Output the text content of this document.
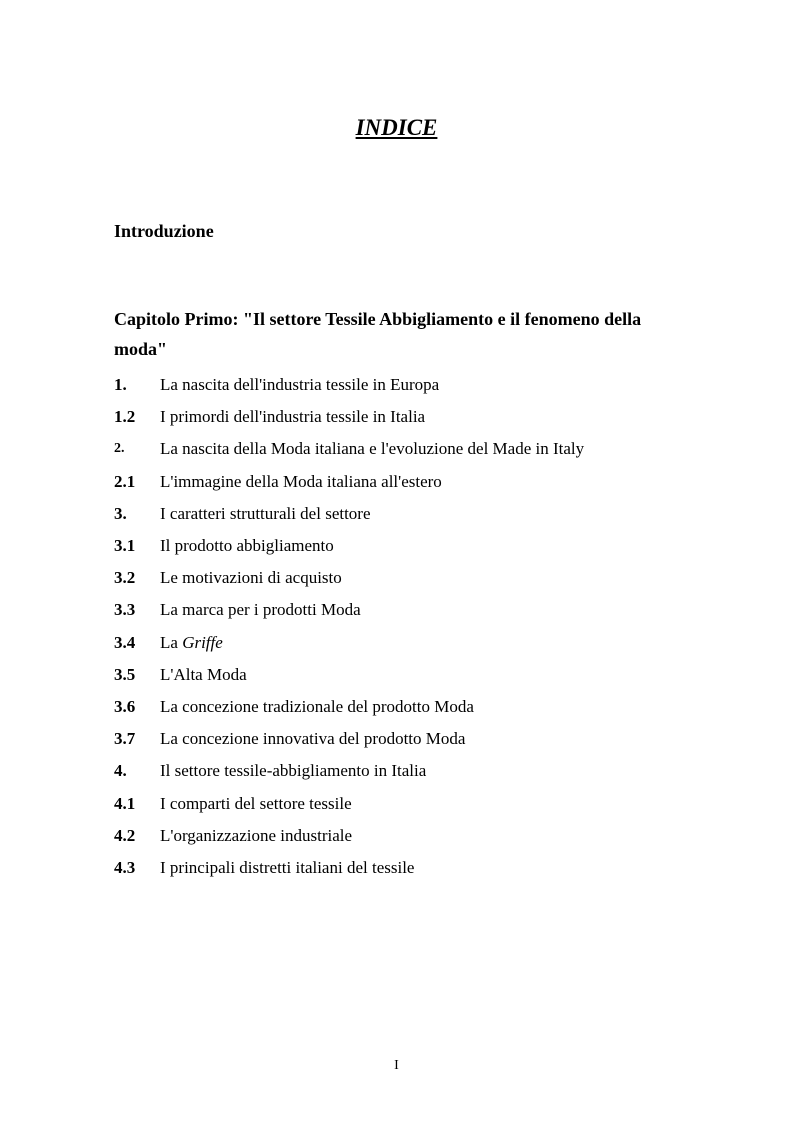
INDICE
Introduzione
Capitolo Primo: "Il settore Tessile Abbigliamento e il fenomeno della moda"
1.	La nascita dell'industria tessile in Europa
1.2	I primordi dell'industria tessile in Italia
2.	La nascita della Moda italiana e l'evoluzione del Made in Italy
2.1	L'immagine della Moda italiana all'estero
3.	I caratteri strutturali del settore
3.1	Il prodotto abbigliamento
3.2	Le motivazioni di acquisto
3.3	La marca per i prodotti Moda
3.4	La Griffe
3.5	L'Alta Moda
3.6	La concezione tradizionale del prodotto Moda
3.7	La concezione innovativa del prodotto Moda
4.	Il settore tessile-abbigliamento in Italia
4.1	I comparti del settore tessile
4.2	L'organizzazione industriale
4.3	I principali distretti italiani del tessile
I
